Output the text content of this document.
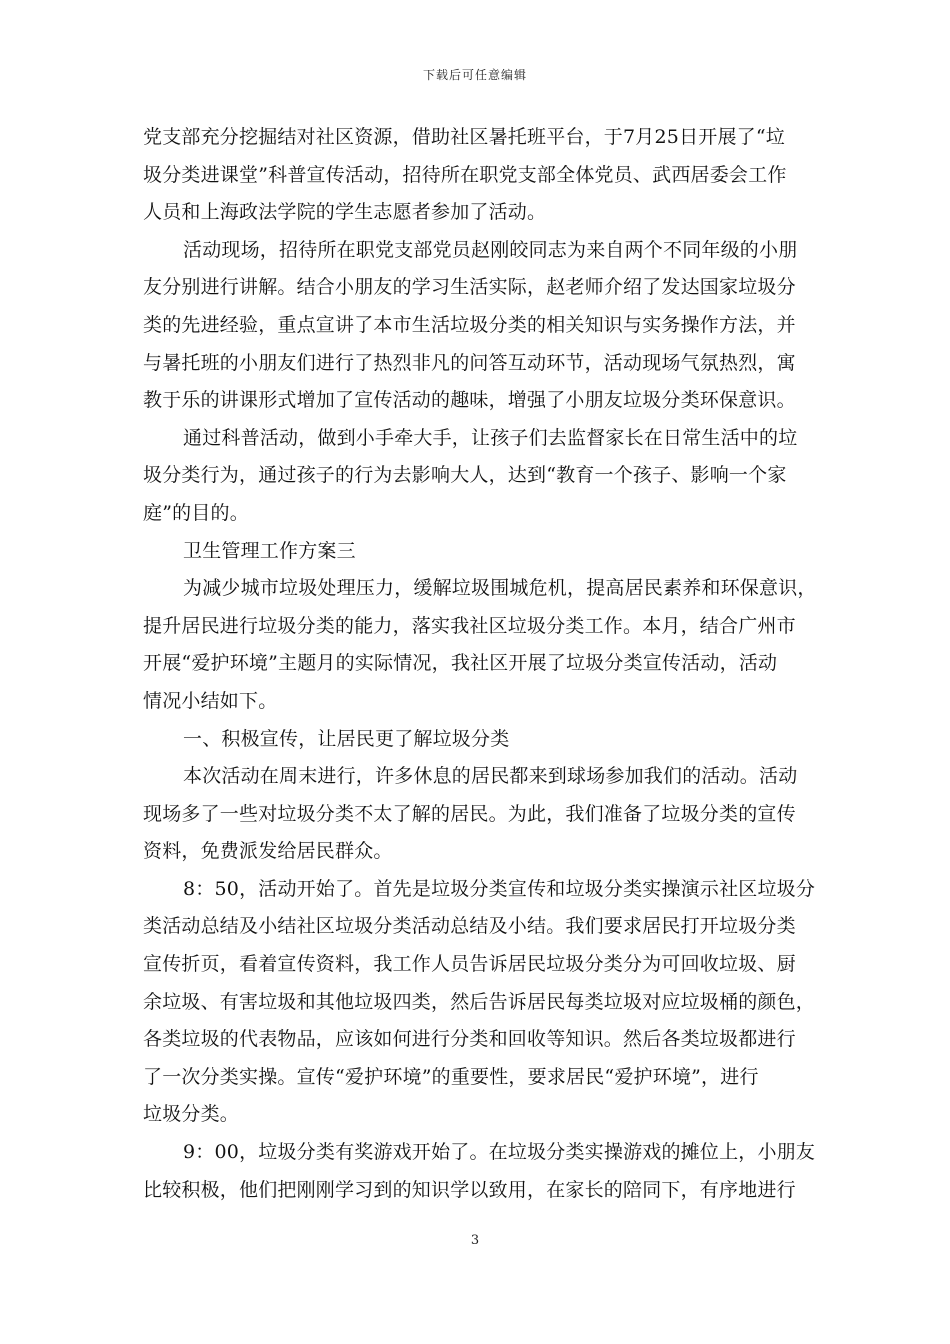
下载后可任意编辑

党支部充分挖掘结对社区资源，借助社区暑托班平台，于7月25日开展了“垃
圾分类进课堂”科普宣传活动，招待所在职党支部全体党员、武西居委会工作
人员和上海政法学院的学生志愿者参加了活动。

活动现场，招待所在职党支部党员赵刚皎同志为来自两个不同年级的小朋
友分别进行讲解。结合小朋友的学习生活实际，赵老师介绍了发达国家垃圾分
类的先进经验，重点宣讲了本市生活垃圾分类的相关知识与实务操作方法，并
与暑托班的小朋友们进行了热烈非凡的问答互动环节，活动现场气氛热烈，寓
教于乐的讲课形式增加了宣传活动的趣味，增强了小朋友垃圾分类环保意识。

通过科普活动，做到小手牵大手，让孩子们去监督家长在日常生活中的垃
圾分类行为，通过孩子的行为去影响大人，达到“教育一个孩子、影响一个家
庭”的目的。

卫生管理工作方案三

为减少城市垃圾处理压力，缓解垃圾围城危机，提高居民素养和环保意识，
提升居民进行垃圾分类的能力，落实我社区垃圾分类工作。本月，结合广州市
开展“爱护环境”主题月的实际情况，我社区开展了垃圾分类宣传活动，活动
情况小结如下。

一、积极宣传，让居民更了解垃圾分类

本次活动在周末进行，许多休息的居民都来到球场参加我们的活动。活动
现场多了一些对垃圾分类不太了解的居民。为此，我们准备了垃圾分类的宣传
资料，免费派发给居民群众。

8：50，活动开始了。首先是垃圾分类宣传和垃圾分类实操演示社区垃圾分
类活动总结及小结社区垃圾分类活动总结及小结。我们要求居民打开垃圾分类
宣传折页，看着宣传资料，我工作人员告诉居民垃圾分类分为可回收垃圾、厨
余垃圾、有害垃圾和其他垃圾四类，然后告诉居民每类垃圾对应垃圾桶的颜色，
各类垃圾的代表物品，应该如何进行分类和回收等知识。然后各类垃圾都进行
了一次分类实操。宣传“爱护环境”的重要性，要求居民“爱护环境”，进行
垃圾分类。

9：00，垃圾分类有奖游戏开始了。在垃圾分类实操游戏的摊位上，小朋友
比较积极，他们把刚刚学习到的知识学以致用，在家长的陪同下，有序地进行

3
